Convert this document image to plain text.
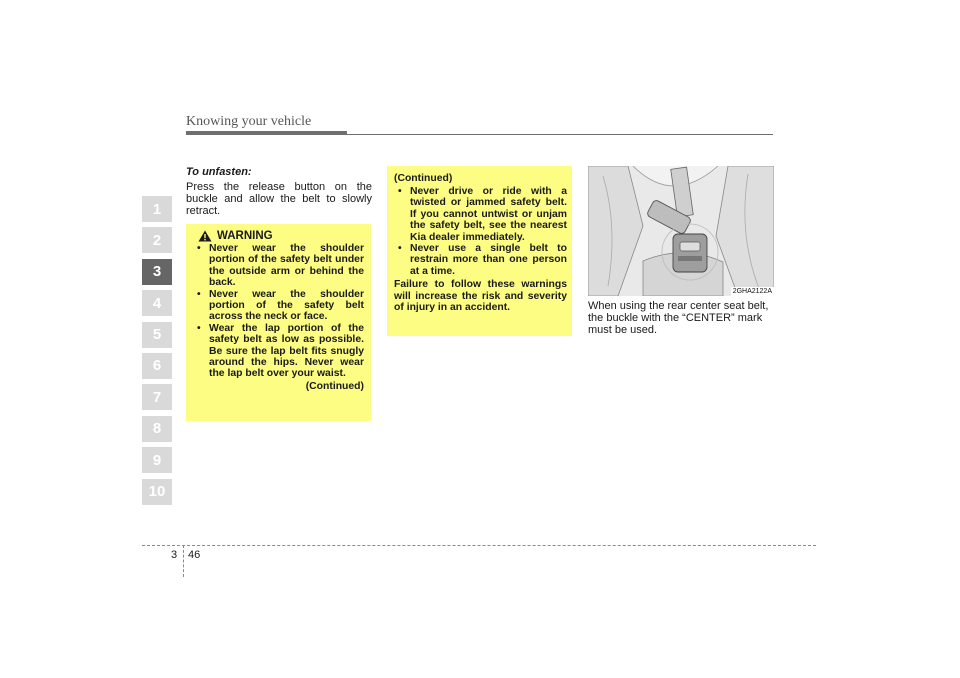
Knowing your vehicle
1
2
3
4
5
6
7
8
9
10

To unfasten:

Press the release button on the buckle and allow the belt to slowly retract.

WARNING
• Never wear the shoulder portion of the safety belt under the outside arm or behind the back.
• Never wear the shoulder portion of the safety belt across the neck or face.
• Wear the lap portion of the safety belt as low as possible. Be sure the lap belt fits snugly around the hips. Never wear the lap belt over your waist.
(Continued)
(Continued)
• Never drive or ride with a twisted or jammed safety belt. If you cannot untwist or unjam the safety belt, see the nearest Kia dealer immediately.
• Never use a single belt to restrain more than one person at a time.
Failure to follow these warnings will increase the risk and severity of injury in an accident.
2GHA2122A

When using the rear center seat belt, the buckle with the “CENTER” mark must be used.

3 46
